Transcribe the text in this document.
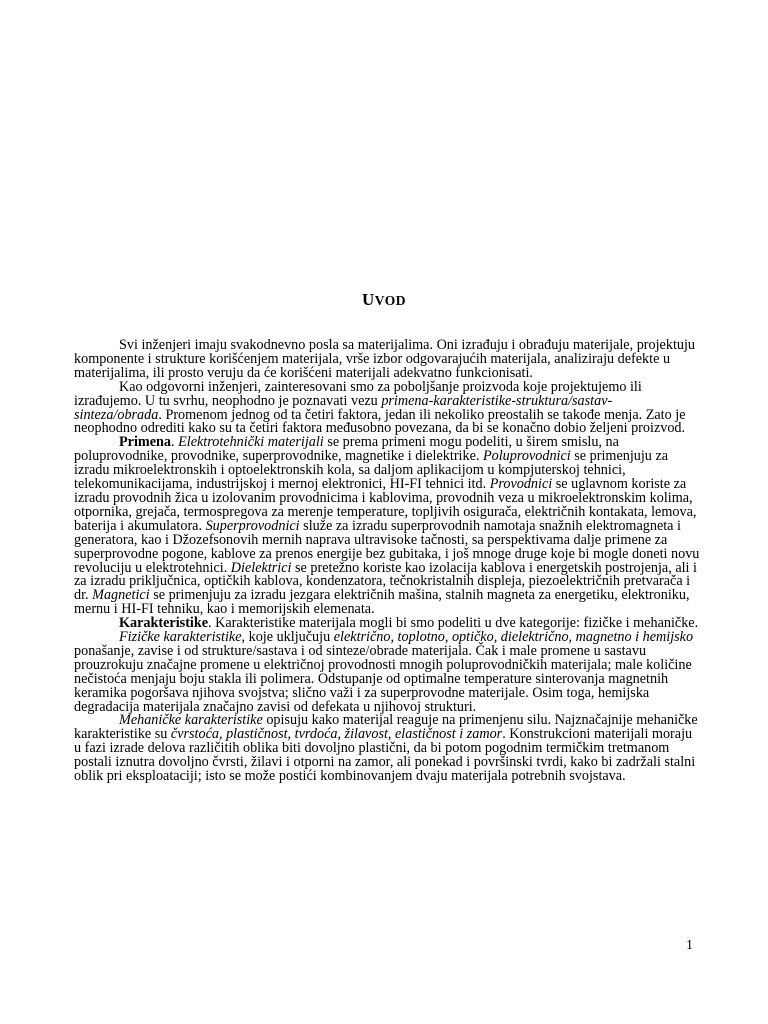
UVOD

Svi inženjeri imaju svakodnevno posla sa materijalima. Oni izrađuju i obrađuju materijale, projektuju komponente i strukture korišćenjem materijala, vrše izbor odgovarajućih materijala, analiziraju defekte u materijalima, ili prosto veruju da će korišćeni materijali adekvatno funkcionisati.

Kao odgovorni inženjeri, zainteresovani smo za poboljšanje proizvoda koje projektujemo ili izrađujemo. U tu svrhu, neophodno je poznavati vezu primena-karakteristike-struktura/sastav-sinteza/obrada. Promenom jednog od ta četiri faktora, jedan ili nekoliko preostalih se takođe menja. Zato je neophodno odrediti kako su ta četiri faktora međusobno povezana, da bi se konačno dobio željeni proizvod.

Primena. Elektrotehnički materijali se prema primeni mogu podeliti, u širem smislu, na poluprovodnike, provodnike, superprovodnike, magnetike i dielektrike. Poluprovodnici se primenjuju za izradu mikroelektronskih i optoelektronskih kola, sa daljom aplikacijom u kompjuterskoj tehnici, telekomunikacijama, industrijskoj i mernoj elektronici, HI-FI tehnici itd. Provodnici se uglavnom koriste za izradu provodnih žica u izolovanim provodnicima i kablovima, provodnih veza u mikroelektronskim kolima, otpornika, grejača, termospregova za merenje temperature, topljivih osigurača, električnih kontakata, lemova, baterija i akumulatora. Superprovodnici služe za izradu superprovodnih namotaja snažnih elektromagneta i generatora, kao i Džozefsonovih mernih naprava ultravisoke tačnosti, sa perspektivama dalje primene za superprovodne pogone, kablove za prenos energije bez gubitaka, i još mnoge druge koje bi mogle doneti novu revoluciju u elektrotehnici. Dielektrici se pretežno koriste kao izolacija kablova i energetskih postrojenja, ali i za izradu priključnica, optičkih kablova, kondenzatora, tečnokristalnih displeja, piezoelektričnih pretvarača i dr. Magnetici se primenjuju za izradu jezgara električnih mašina, stalnih magneta za energetiku, elektroniku, mernu i HI-FI tehniku, kao i memorijskih elemenata.

Karakteristike. Karakteristike materijala mogli bi smo podeliti u dve kategorije: fizičke i mehaničke.

Fizičke karakteristike, koje uključuju električno, toplotno, optičko, dielektrično, magnetno i hemijsko ponašanje, zavise i od strukture/sastava i od sinteze/obrade materijala. Čak i male promene u sastavu prouzrokuju značajne promene u električnoj provodnosti mnogih poluprovodničkih materijala; male količine nečistoća menjaju boju stakla ili polimera. Odstupanje od optimalne temperature sinterovanja magnetnih keramika pogoršava njihova svojstva; slično važi i za superprovodne materijale. Osim toga, hemijska degradacija materijala značajno zavisi od defekata u njihovoj strukturi.

Mehaničke karakteristike opisuju kako materijal reaguje na primenjenu silu. Najznačajnije mehaničke karakteristike su čvrstoća, plastičnost, tvrdoća, žilavost, elastičnost i zamor. Konstrukcioni materijali moraju u fazi izrade delova različitih oblika biti dovoljno plastični, da bi potom pogodnim termičkim tretmanom postali iznutra dovoljno čvrsti, žilavi i otporni na zamor, ali ponekad i površinski tvrdi, kako bi zadržali stalni oblik pri eksploataciji; isto se može postići kombinovanjem dvaju materijala potrebnih svojstava.

1
